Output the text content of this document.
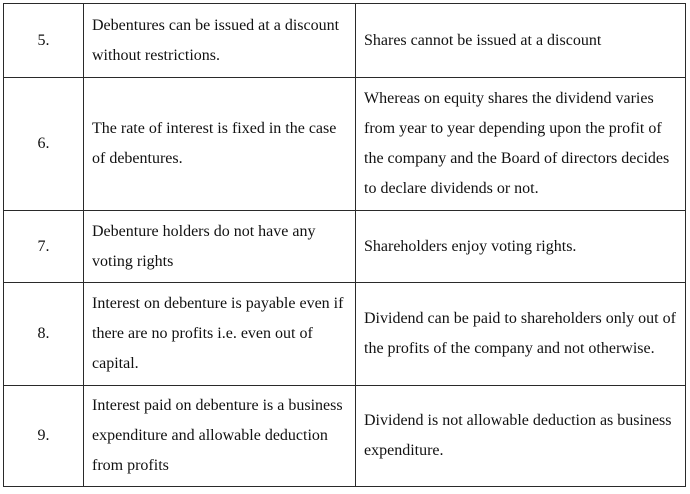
5.	Debentures can be issued at a discount without restrictions.	Shares cannot be issued at a discount

6.	The rate of interest is fixed in the case of debentures.	Whereas on equity shares the dividend varies from year to year depending upon the profit of the company and the Board of directors decides to declare dividends or not.

7.	Debenture holders do not have any voting rights	Shareholders enjoy voting rights.

8.	Interest on debenture is payable even if there are no profits i.e. even out of capital.	Dividend can be paid to shareholders only out of the profits of the company and not otherwise.

9.	Interest paid on debenture is a business expenditure and allowable deduction from profits	Dividend is not allowable deduction as business expenditure.
